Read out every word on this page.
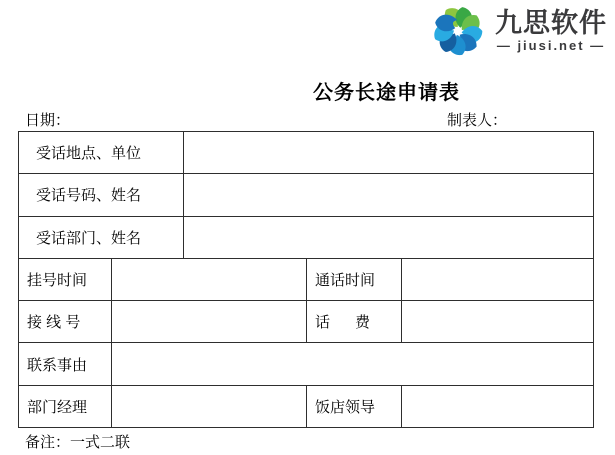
九思软件
— jiusi.net —
公务长途申请表
日期：	制表人：
受话地点、单位
受话号码、姓名
受话部门、姓名
挂号时间	通话时间
接 线 号	话      费
联系事由
部门经理	饭店领导
备注：一式二联
